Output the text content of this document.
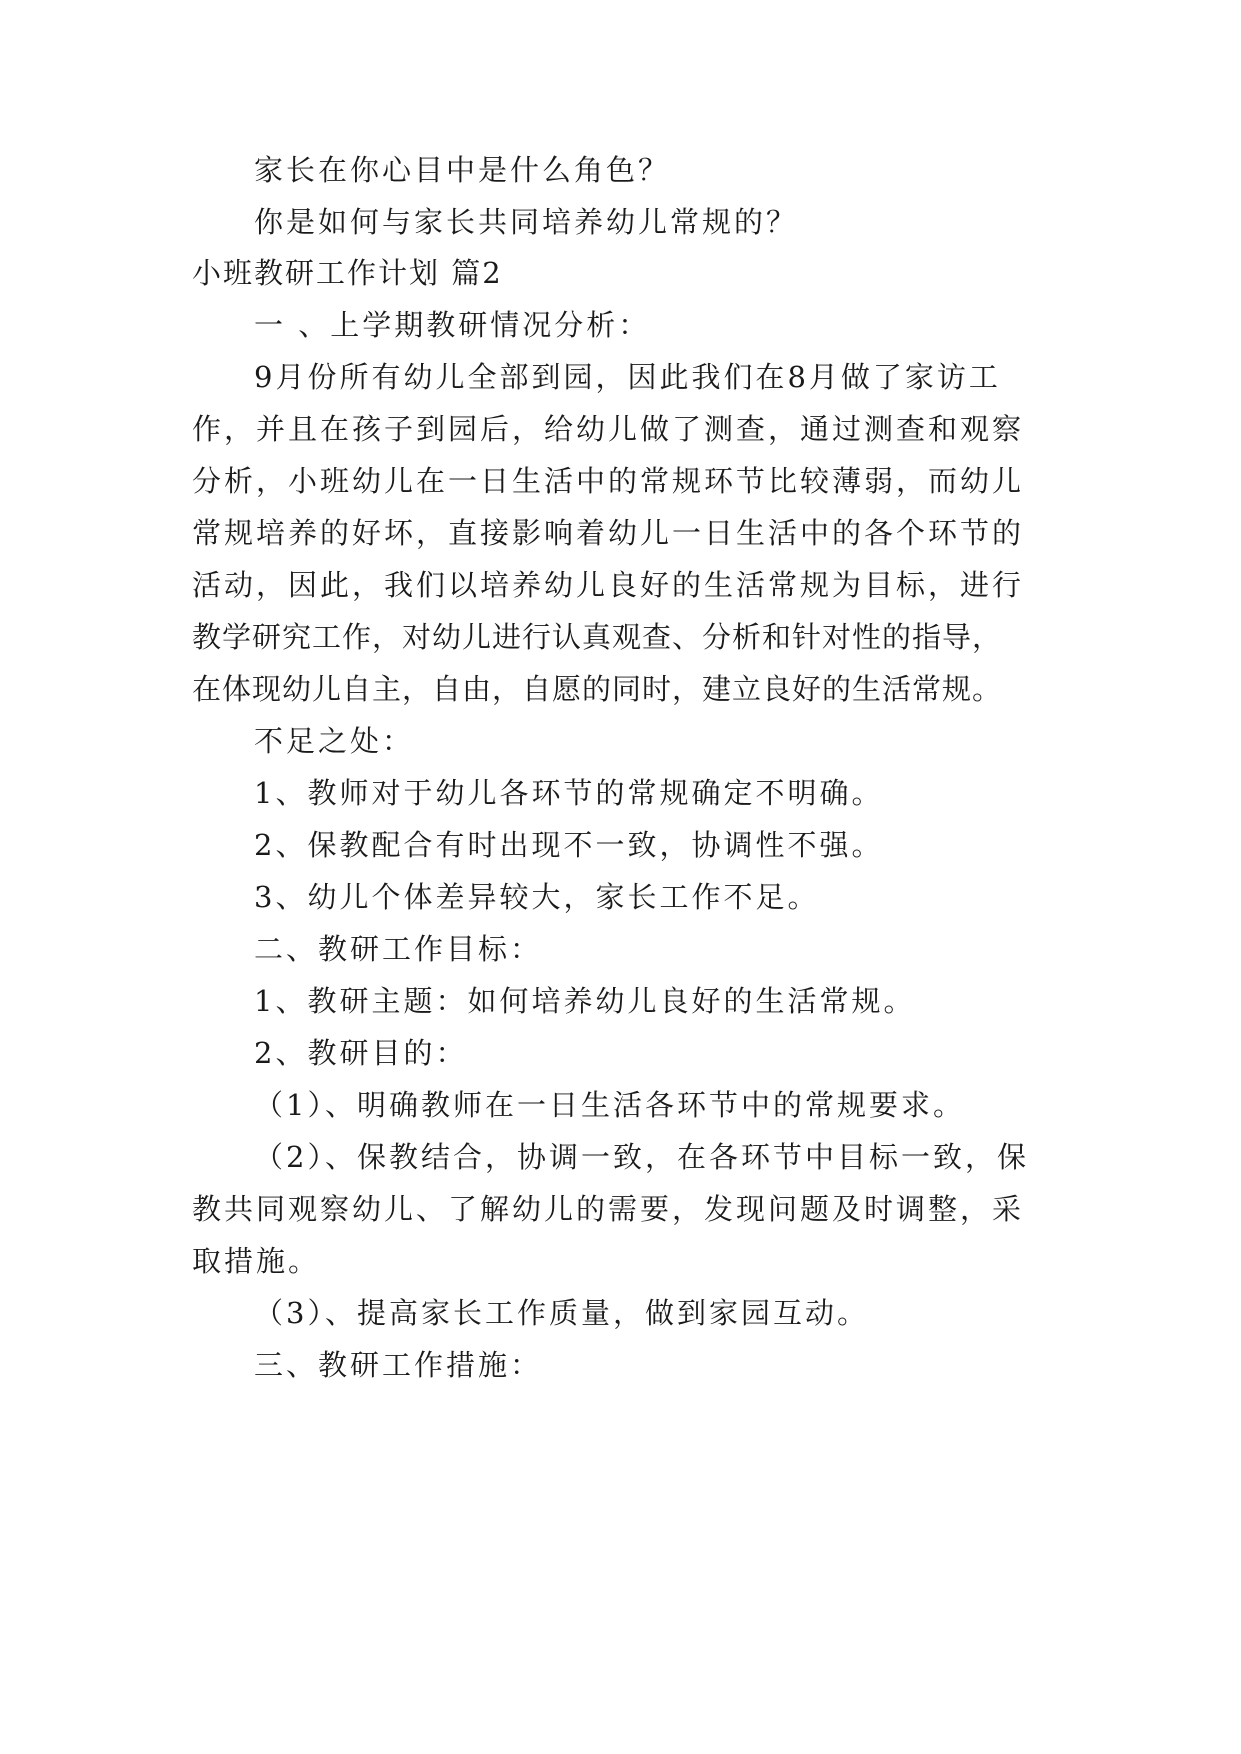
家长在你心目中是什么角色？
你是如何与家长共同培养幼儿常规的？
小班教研工作计划 篇2
一 、上学期教研情况分析：
9月份所有幼儿全部到园，因此我们在8月做了家访工
作，并且在孩子到园后，给幼儿做了测查，通过测查和观察
分析，小班幼儿在一日生活中的常规环节比较薄弱，而幼儿
常规培养的好坏，直接影响着幼儿一日生活中的各个环节的
活动，因此，我们以培养幼儿良好的生活常规为目标，进行
教学研究工作，对幼儿进行认真观查、分析和针对性的指导，
在体现幼儿自主，自由，自愿的同时，建立良好的生活常规。
不足之处：
1、教师对于幼儿各环节的常规确定不明确。
2、保教配合有时出现不一致，协调性不强。
3、幼儿个体差异较大，家长工作不足。
二、教研工作目标：
1、教研主题：如何培养幼儿良好的生活常规。
2、教研目的：
（1）、明确教师在一日生活各环节中的常规要求。
（2）、保教结合，协调一致，在各环节中目标一致，保
教共同观察幼儿、了解幼儿的需要，发现问题及时调整，采
取措施。
（3）、提高家长工作质量，做到家园互动。
三、教研工作措施：
